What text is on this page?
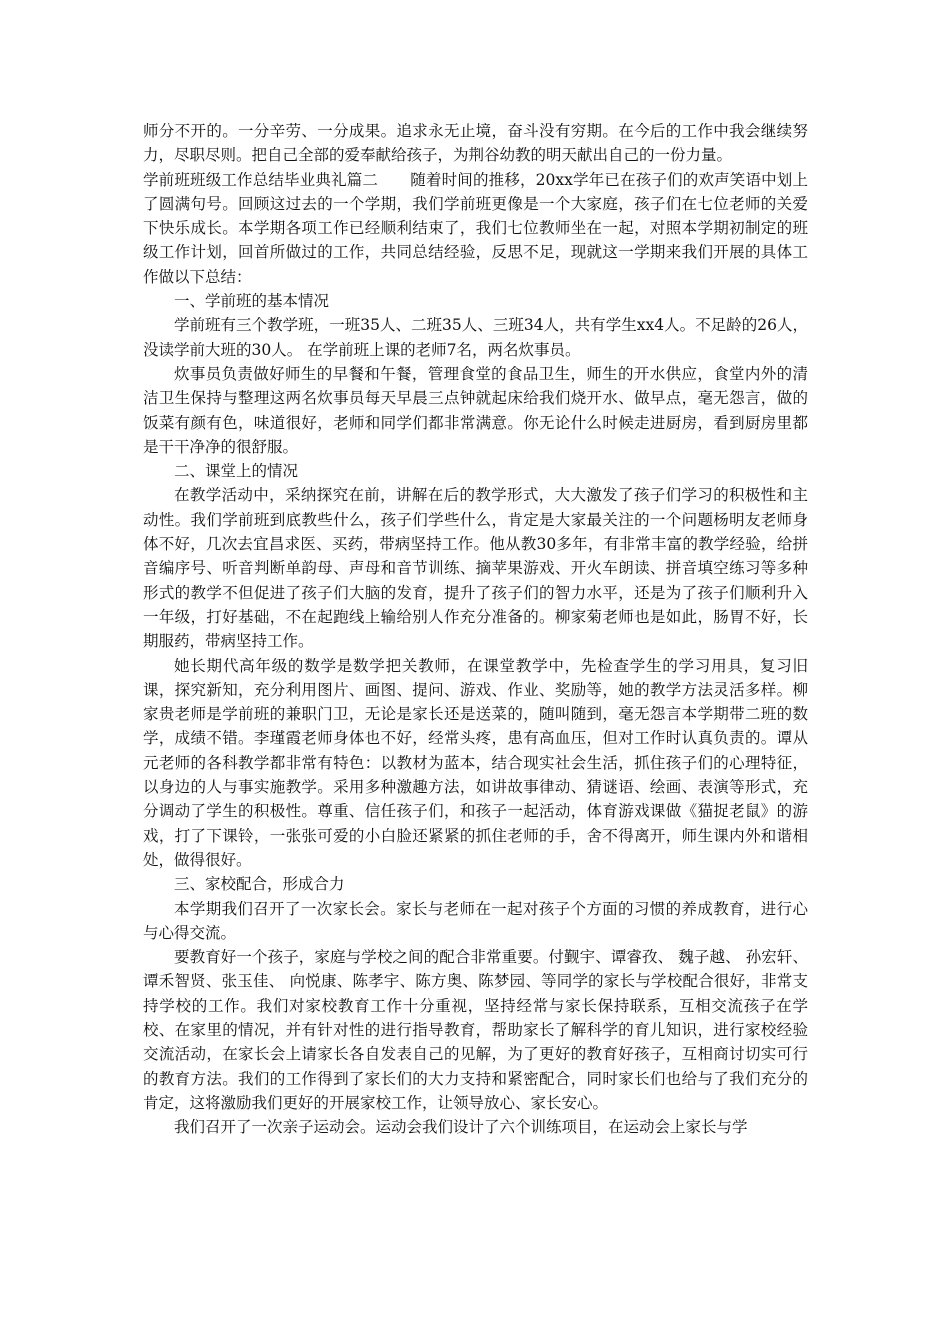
师分不开的。一分辛劳、一分成果。追求永无止境，奋斗没有穷期。在今后的工作中我会继续努力，尽职尽则。把自己全部的爱奉献给孩子，为荆谷幼教的明天献出自己的一份力量。

学前班班级工作总结毕业典礼篇二 随着时间的推移，20xx学年已在孩子们的欢声笑语中划上了圆满句号。回顾这过去的一个学期，我们学前班更像是一个大家庭，孩子们在七位老师的关爱下快乐成长。本学期各项工作已经顺利结束了，我们七位教师坐在一起，对照本学期初制定的班级工作计划，回首所做过的工作，共同总结经验，反思不足，现就这一学期来我们开展的具体工作做以下总结：

一、学前班的基本情况

学前班有三个教学班，一班35人、二班35人、三班34人，共有学生xx4人。不足龄的26人，没读学前大班的30人。 在学前班上课的老师7名，两名炊事员。

炊事员负责做好师生的早餐和午餐，管理食堂的食品卫生，师生的开水供应，食堂内外的清洁卫生保持与整理这两名炊事员每天早晨三点钟就起床给我们烧开水、做早点，毫无怨言，做的饭菜有颜有色，味道很好，老师和同学们都非常满意。你无论什么时候走进厨房，看到厨房里都是干干净净的很舒服。

二、课堂上的情况

在教学活动中，采纳探究在前，讲解在后的教学形式，大大激发了孩子们学习的积极性和主动性。我们学前班到底教些什么，孩子们学些什么，肯定是大家最关注的一个问题杨明友老师身体不好，几次去宜昌求医、买药，带病坚持工作。他从教30多年，有非常丰富的教学经验，给拼音编序号、听音判断单韵母、声母和音节训练、摘苹果游戏、开火车朗读、拼音填空练习等多种形式的教学不但促进了孩子们大脑的发育，提升了孩子们的智力水平，还是为了孩子们顺利升入一年级，打好基础，不在起跑线上输给别人作充分准备的。柳家菊老师也是如此，肠胃不好，长期服药，带病坚持工作。

她长期代高年级的数学是数学把关教师，在课堂教学中，先检查学生的学习用具，复习旧课，探究新知，充分利用图片、画图、提问、游戏、作业、奖励等，她的教学方法灵活多样。柳家贵老师是学前班的兼职门卫，无论是家长还是送菜的，随叫随到，毫无怨言本学期带二班的数学，成绩不错。李瑾霞老师身体也不好，经常头疼，患有高血压，但对工作时认真负责的。谭从元老师的各科教学都非常有特色：以教材为蓝本，结合现实社会生活，抓住孩子们的心理特征，以身边的人与事实施教学。采用多种激趣方法，如讲故事律动、猜谜语、绘画、表演等形式，充分调动了学生的积极性。尊重、信任孩子们，和孩子一起活动，体育游戏课做《猫捉老鼠》的游戏，打了下课铃，一张张可爱的小白脸还紧紧的抓住老师的手，舍不得离开，师生课内外和谐相处，做得很好。

三、家校配合，形成合力

本学期我们召开了一次家长会。家长与老师在一起对孩子个方面的习惯的养成教育，进行心与心得交流。

要教育好一个孩子，家庭与学校之间的配合非常重要。付觐宇、谭睿孜、 魏子越、 孙宏轩、谭禾智贤、张玉佳、 向悦康、陈孝宇、陈方奥、陈梦园、等同学的家长与学校配合很好，非常支持学校的工作。我们对家校教育工作十分重视，坚持经常与家长保持联系，互相交流孩子在学校、在家里的情况，并有针对性的进行指导教育，帮助家长了解科学的育儿知识，进行家校经验交流活动，在家长会上请家长各自发表自己的见解，为了更好的教育好孩子，互相商讨切实可行的教育方法。我们的工作得到了家长们的大力支持和紧密配合，同时家长们也给与了我们充分的肯定，这将激励我们更好的开展家校工作，让领导放心、家长安心。

我们召开了一次亲子运动会。运动会我们设计了六个训练项目，在运动会上家长与学
